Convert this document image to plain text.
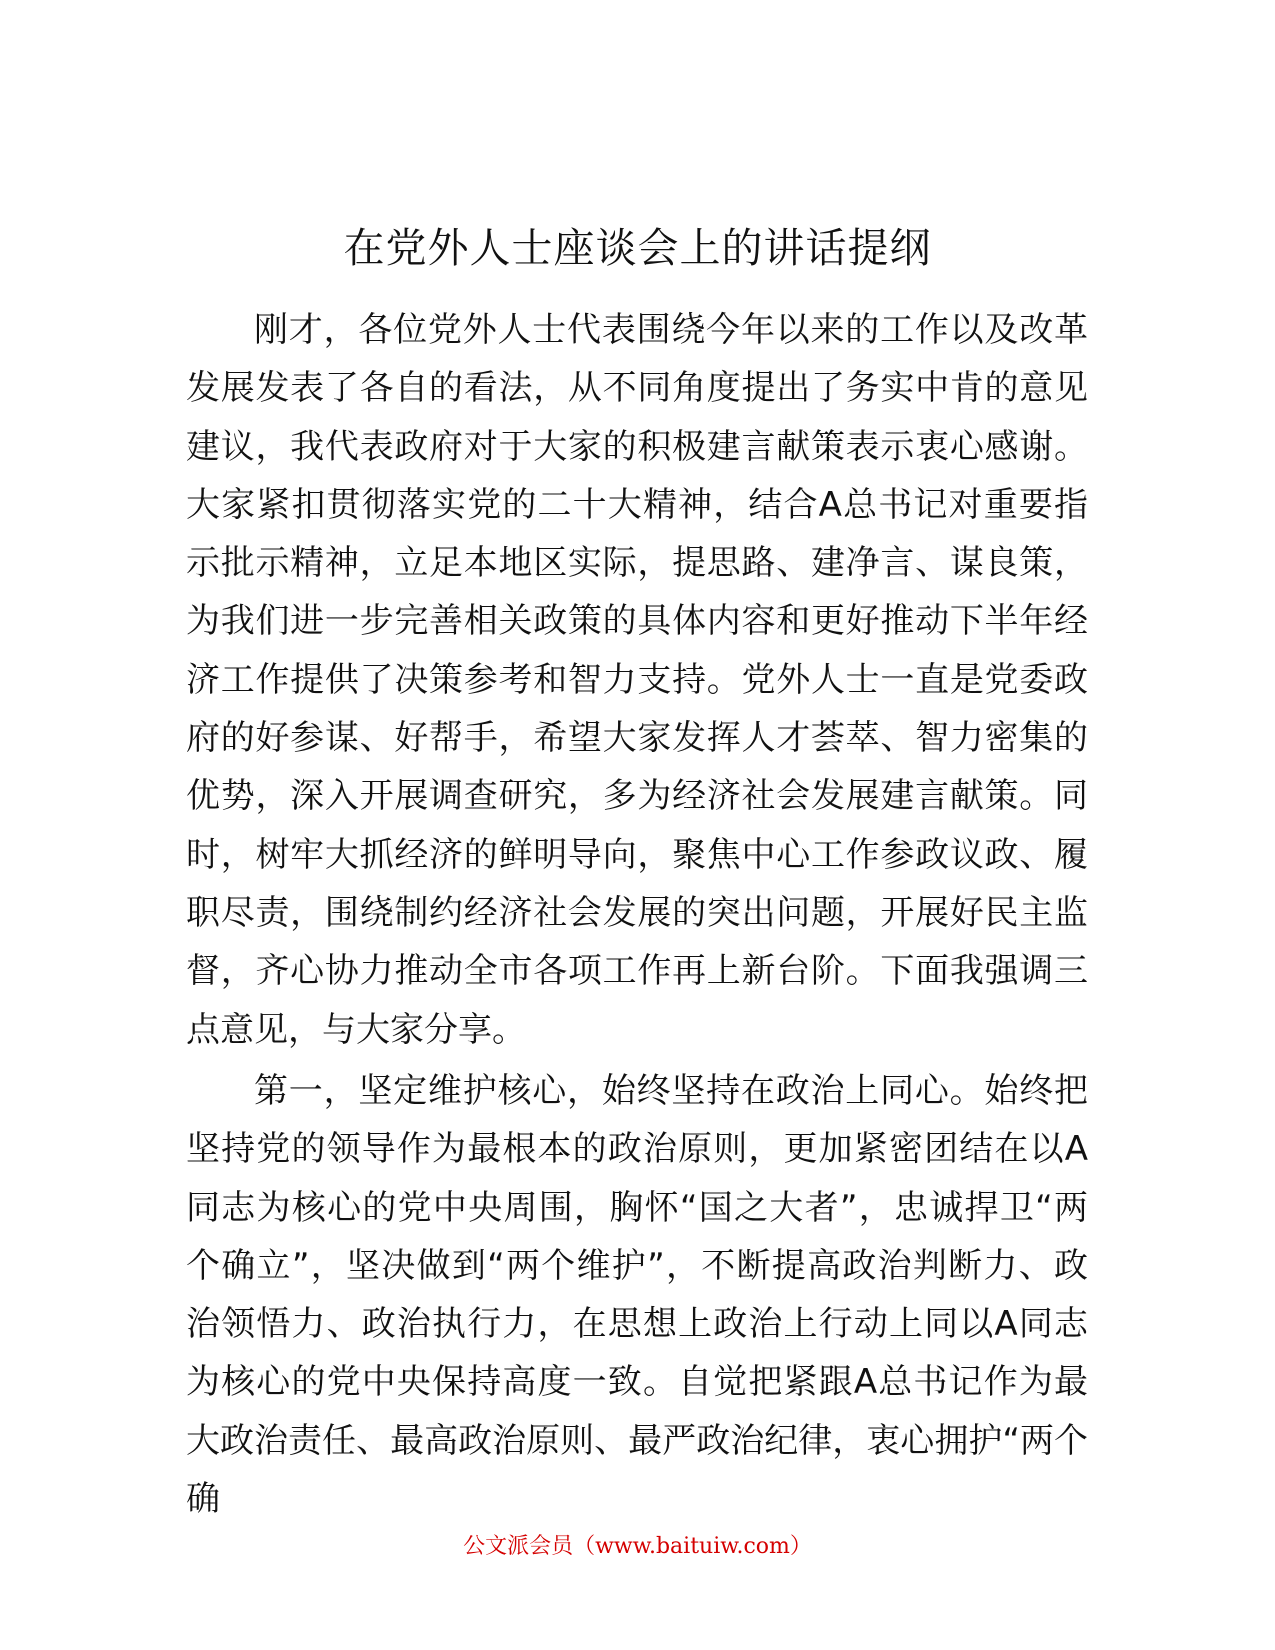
在党外人士座谈会上的讲话提纲

刚才，各位党外人士代表围绕今年以来的工作以及改革发展发表了各自的看法，从不同角度提出了务实中肯的意见建议，我代表政府对于大家的积极建言献策表示衷心感谢。大家紧扣贯彻落实党的二十大精神，结合A总书记对重要指示批示精神，立足本地区实际，提思路、建净言、谋良策，为我们进一步完善相关政策的具体内容和更好推动下半年经济工作提供了决策参考和智力支持。党外人士一直是党委政府的好参谋、好帮手，希望大家发挥人才荟萃、智力密集的优势，深入开展调查研究，多为经济社会发展建言献策。同时，树牢大抓经济的鲜明导向，聚焦中心工作参政议政、履职尽责，围绕制约经济社会发展的突出问题，开展好民主监督，齐心协力推动全市各项工作再上新台阶。下面我强调三点意见，与大家分享。

第一，坚定维护核心，始终坚持在政治上同心。始终把坚持党的领导作为最根本的政治原则，更加紧密团结在以A同志为核心的党中央周围，胸怀“国之大者”，忠诚捍卫“两个确立”，坚决做到“两个维护”，不断提高政治判断力、政治领悟力、政治执行力，在思想上政治上行动上同以A同志为核心的党中央保持高度一致。自觉把紧跟A总书记作为最大政治责任、最高政治原则、最严政治纪律，衷心拥护“两个确

公文派会员（www.baituiw.com）
